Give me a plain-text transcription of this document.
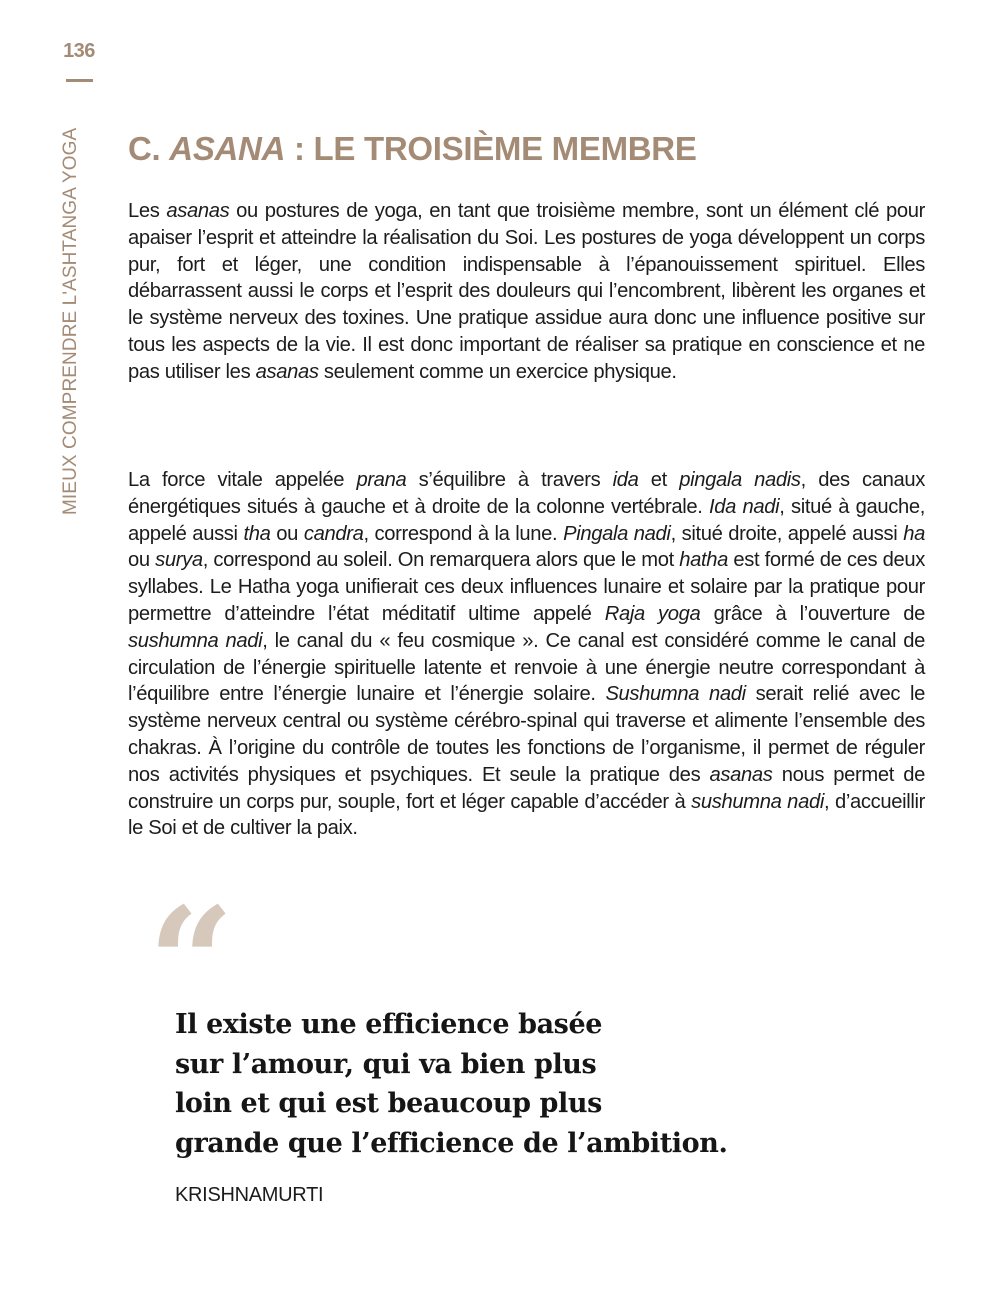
136
MIEUX COMPRENDRE L'ASHTANGA YOGA C. ASANA : LE TROISIÈME MEMBRE

Les asanas ou postures de yoga, en tant que troisième membre, sont un élément clé pour apaiser l’esprit et atteindre la réalisation du Soi. Les postures de yoga développent un corps pur, fort et léger, une condition indispensable à l’épanouissement spirituel. Elles débarrassent aussi le corps et l’esprit des douleurs qui l’encombrent, libèrent les organes et le système nerveux des toxines. Une pratique assidue aura donc une influence positive sur tous les aspects de la vie. Il est donc important de réaliser sa pratique en conscience et ne pas utiliser les asanas seulement comme un exercice physique.

La force vitale appelée prana s’équilibre à travers ida et pingala nadis, des canaux énergétiques situés à gauche et à droite de la colonne vertébrale. Ida nadi, situé à gauche, appelé aussi tha ou candra, correspond à la lune. Pingala nadi, situé droite, appelé aussi ha ou surya, correspond au soleil. On remarquera alors que le mot hatha est formé de ces deux syllabes. Le Hatha yoga unifierait ces deux influences lunaire et solaire par la pratique pour permettre d’atteindre l’état méditatif ultime appelé Raja yoga grâce à l’ouverture de sushumna nadi, le canal du « feu cosmique ». Ce canal est considéré comme le canal de circulation de l’énergie spirituelle latente et renvoie à une énergie neutre correspondant à l’équilibre entre l’énergie lunaire et l’énergie solaire. Sushumna nadi serait relié avec le système nerveux central ou système cérébro-spinal qui traverse et alimente l’ensemble des chakras. À l’origine du contrôle de toutes les fonctions de l’organisme, il permet de réguler nos activités physiques et psychiques. Et seule la pratique des asanas nous permet de construire un corps pur, souple, fort et léger capable d’accéder à sushumna nadi, d’accueillir le Soi et de cultiver la paix.

“
Il existe une efficience basée
sur l’amour, qui va bien plus
loin et qui est beaucoup plus
grande que l’efficience de l’ambition.
KRISHNAMURTI
